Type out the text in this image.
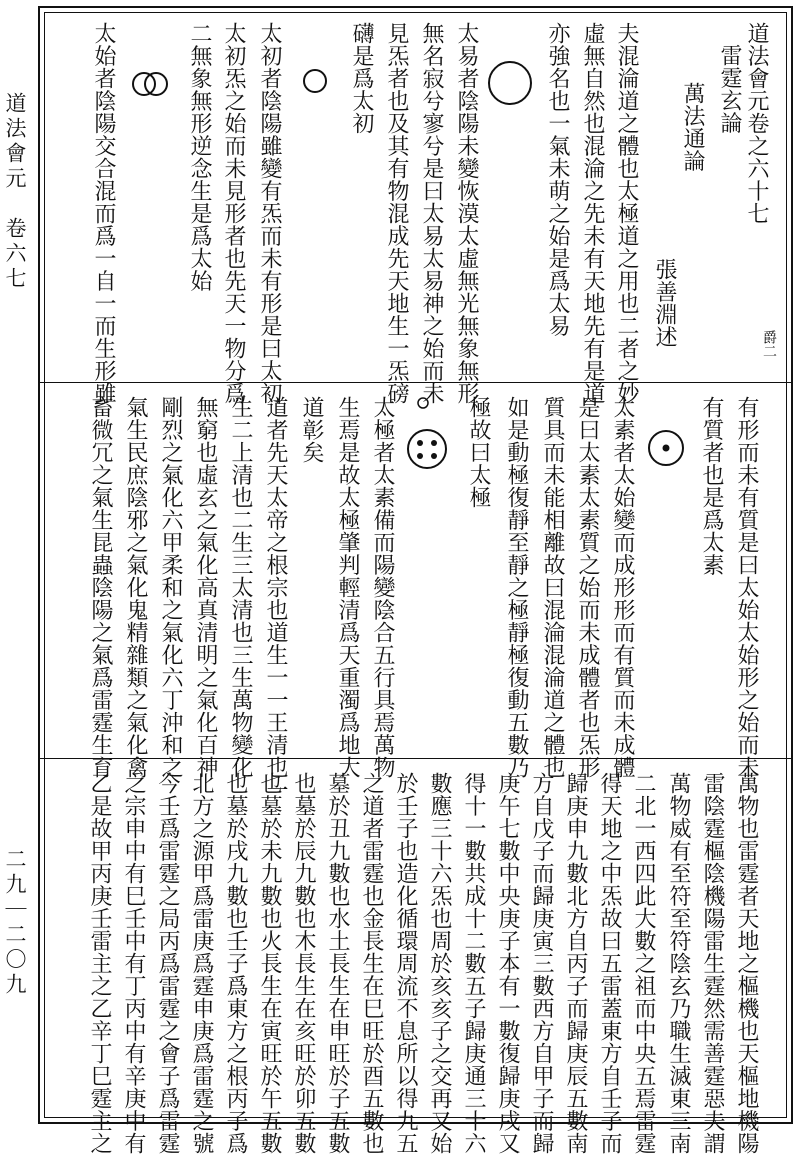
道法會元　卷六七
二九｜二〇九
道法會元卷之六十七
雷霆玄論
萬法通論
張善淵述	爵二
夫混淪道之體也太極道之用也二者之妙
虛無自然也混淪之先未有天地先有是道
亦強名也一氣未萌之始是爲太易
太易者陰陽未變恢漠太虛無光無象無形
無名寂兮寥兮是曰太易太易神之始而未
見炁者也及其有物混成先天地生一炁磅
礴是爲太初
太初者陰陽雖變有炁而未有形是曰太初
太初炁之始而未見形者也先天一物分爲
二無象無形逆念生是爲太始
太始者陰陽交合混而爲一自一而生形雖
有形而未有質是曰太始太始形之始而未
有質者也是爲太素
太素者太始變而成形形而有質而未成體
是曰太素太素質之始而未成體者也炁形
質具而未能相離故曰混淪混淪道之體也
如是動極復靜至靜之極靜極復動五數乃
極故曰太極
太極者太素備而陽變陰合五行具焉萬物
生焉是故太極肇判輕清爲天重濁爲地大
道彰矣
道者先天太帝之根宗也道生一一王清也一
生二上清也二生三太清也三生萬物變化
無窮也虛玄之氣化高真清明之氣化百神
剛烈之氣化六甲柔和之氣化六丁沖和之
氣生民庶陰邪之氣化鬼精雜類之氣化禽
畜微冗之氣生昆蟲陰陽之氣爲雷霆生育
萬物也雷霆者天地之樞機也天樞地機陽
雷陰霆樞陰機陽雷生霆然需善霆惡夫謂
萬物威有至符至符陰玄乃職生滅東三南
二北一西四此大數之祖而中央五焉雷霆
得天地之中炁故曰五雷蓋東方自壬子而
歸庚申九數北方自丙子而歸庚辰五數南
方自戊子而歸庚寅三數西方自甲子而歸
庚午七數中央庚子本有一數復歸庚戌又
得十一數共成十二數五子歸庚通三十六
數應三十六炁也周於亥亥子之交再又始
於壬子也造化循環周流不息所以得九五
之道者雷霆也金長生在巳旺於酉五數也
墓於丑九數也水土長生在申旺於子五數
也墓於辰九數也木長生在亥旺於卯五數
也墓於未九數也火長生在寅旺於午五數
也墓於戌九數也壬子爲東方之根丙子爲
北方之源甲爲雷庚爲霆申庚爲雷霆之號
今壬爲雷霆之局丙爲雷霆之會子爲雷霆
之宗申中有巳壬中有丁丙中有辛庚中有
乙是故甲丙庚壬雷主之乙辛丁巳霆主之
